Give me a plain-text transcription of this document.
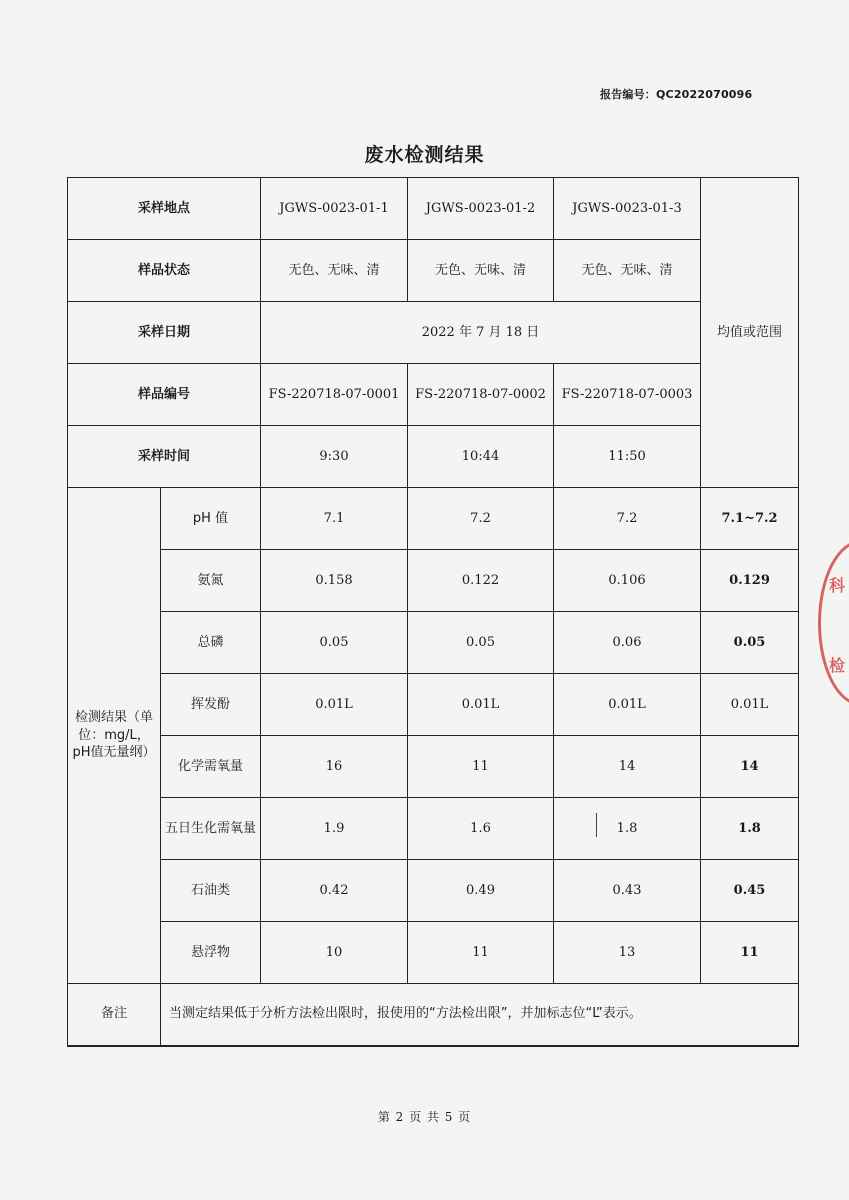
报告编号：QC2022070096
废水检测结果
采样地点		JGWS-0023-01-1	JGWS-0023-01-2	JGWS-0023-01-3	均值或范围
样品状态		无色、无味、清	无色、无味、清	无色、无味、清	
采样日期		2022 年 7 月 18 日			
样品编号		FS-220718-07-0001	FS-220718-07-0002	FS-220718-07-0003	
采样时间		9:30	10:44	11:50	
检测结果（单位：mg/L，pH值无量纲）	pH 值	7.1	7.2	7.2	7.1~7.2
	氨氮	0.158	0.122	0.106	0.129
	总磷	0.05	0.05	0.06	0.05
	挥发酚	0.01L	0.01L	0.01L	0.01L
	化学需氧量	16	11	14	14
	五日生化需氧量	1.9	1.6	1.8	1.8
	石油类	0.42	0.49	0.43	0.45
	悬浮物	10	11	13	11
备注	当测定结果低于分析方法检出限时，报使用的“方法检出限”，并加标志位“L”表示。				
科
检
第 2 页 共 5 页
